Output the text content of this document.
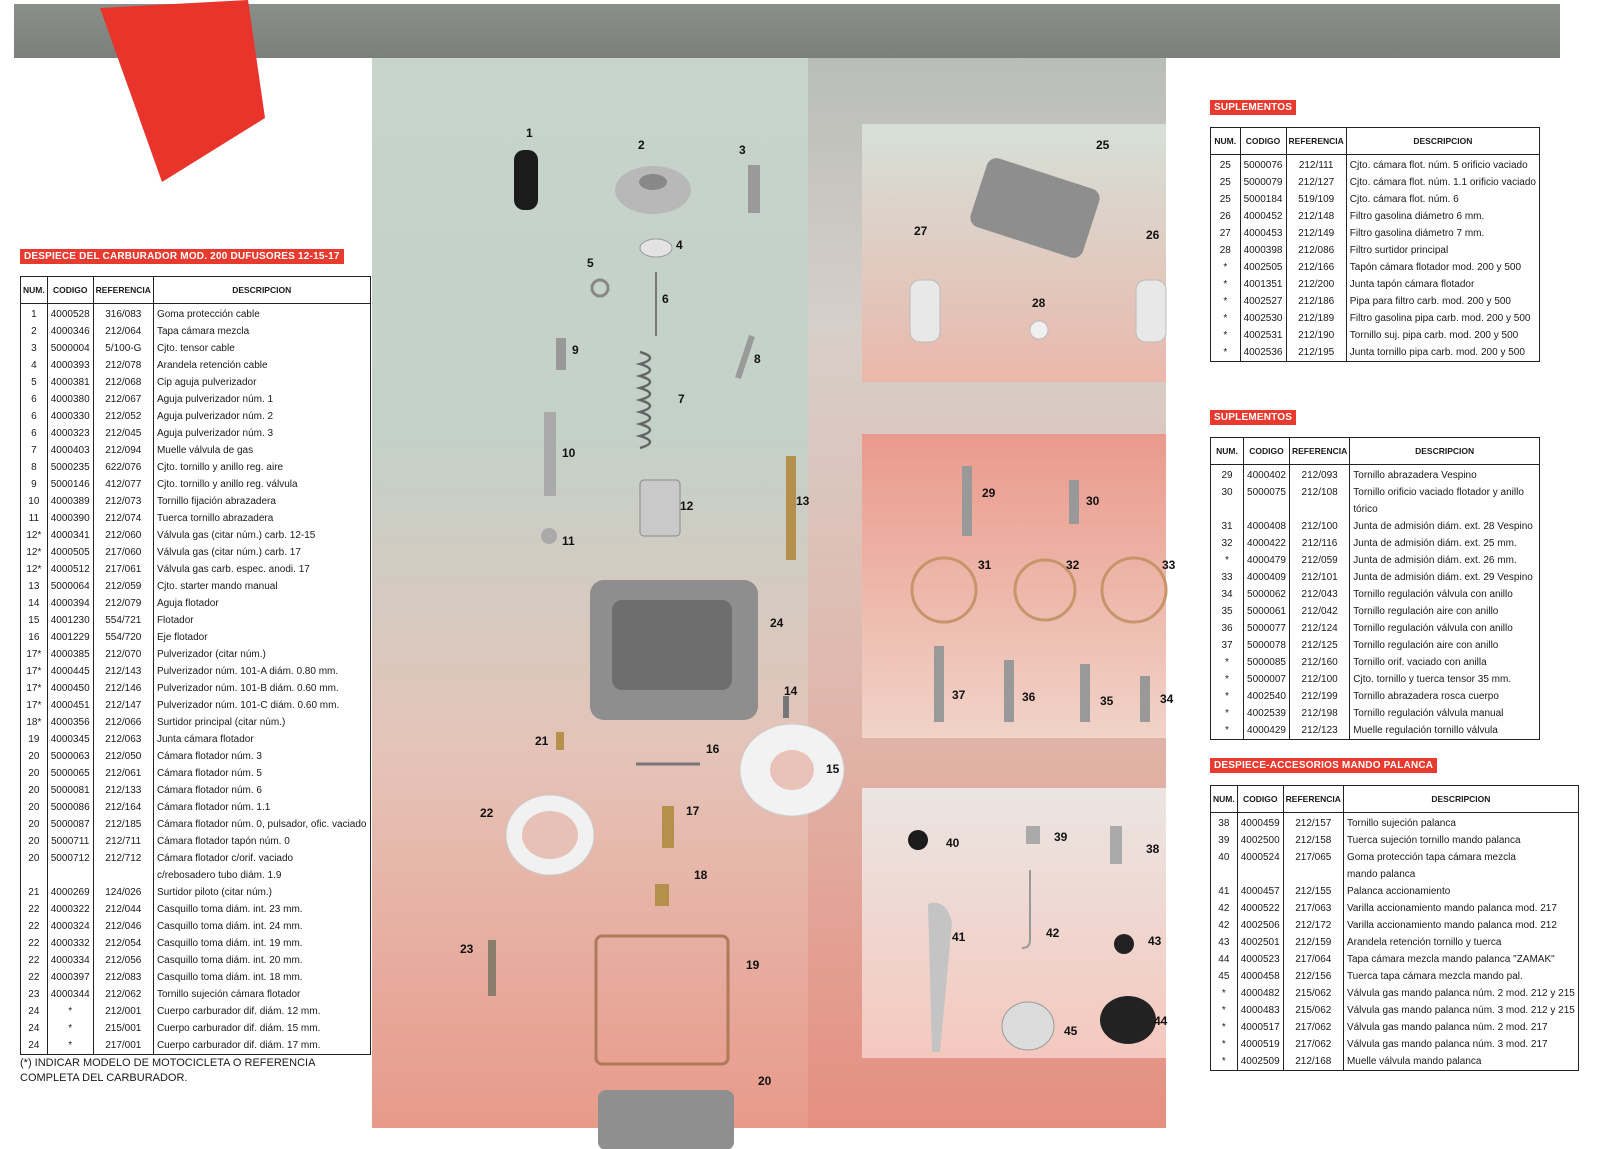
1
2	3
4
5
6
7
8
9
10
11
12	13
14
15
16
17
18
19
20
21
22
23
24
25
26
27
28
29
30
31	32	33
34
35
36
37
38
39
40
41	42
43
44
45
DESPIECE DEL CARBURADOR MOD. 200 DUFUSORES 12-15-17
NUM.	CODIGO	REFERENCIA	DESCRIPCION
1	4000528	316/083	Goma protección cable
2	4000346	212/064	Tapa cámara mezcla
3	5000004	5/100-G	Cjto. tensor cable
4	4000393	212/078	Arandela retención cable
5	4000381	212/068	Cip aguja pulverizador
6	4000380	212/067	Aguja pulverizador núm. 1
6	4000330	212/052	Aguja pulverizador núm. 2
6	4000323	212/045	Aguja pulverizador núm. 3
7	4000403	212/094	Muelle válvula de gas
8	5000235	622/076	Cjto. tornillo y anillo reg. aire
9	5000146	412/077	Cjto. tornillo y anillo reg. válvula
10	4000389	212/073	Tornillo fijación abrazadera
11	4000390	212/074	Tuerca tornillo abrazadera
12*	4000341	212/060	Válvula gas (citar núm.) carb. 12-15
12*	4000505	217/060	Válvula gas (citar núm.) carb. 17
12*	4000512	217/061	Válvula gas carb. espec. anodi. 17
13	5000064	212/059	Cjto. starter mando manual
14	4000394	212/079	Aguja flotador
15	4001230	554/721	Flotador
16	4001229	554/720	Eje flotador
17*	4000385	212/070	Pulverizador (citar núm.)
17*	4000445	212/143	Pulverizador núm. 101-A diám. 0.80 mm.
17*	4000450	212/146	Pulverizador núm. 101-B diám. 0.60 mm.
17*	4000451	212/147	Pulverizador núm. 101-C diám. 0.60 mm.
18*	4000356	212/066	Surtidor principal (citar núm.)
19	4000345	212/063	Junta cámara flotador
20	5000063	212/050	Cámara flotador núm. 3
20	5000065	212/061	Cámara flotador núm. 5
20	5000081	212/133	Cámara flotador núm. 6
20	5000086	212/164	Cámara flotador núm. 1.1
20	5000087	212/185	Cámara flotador núm. 0, pulsador, ofic. vaciado
20	5000711	212/711	Cámara flotador tapón núm. 0
20	5000712	212/712	Cámara flotador c/orif. vaciado
			c/rebosadero tubo diám. 1.9
21	4000269	124/026	Surtidor piloto (citar núm.)
22	4000322	212/044	Casquillo toma diám. int. 23 mm.
22	4000324	212/046	Casquillo toma diám. int. 24 mm.
22	4000332	212/054	Casquillo toma diám. int. 19 mm.
22	4000334	212/056	Casquillo toma diám. int. 20 mm.
22	4000397	212/083	Casquillo toma diám. int. 18 mm.
23	4000344	212/062	Tornillo sujeción cámara flotador
24	*	212/001	Cuerpo carburador dif. diám. 12 mm.
24	*	215/001	Cuerpo carburador dif. diám. 15 mm.
24	*	217/001	Cuerpo carburador dif. diám. 17 mm.
(*) INDICAR MODELO DE MOTOCICLETA O REFERENCIA COMPLETA DEL CARBURADOR.
SUPLEMENTOS
NUM.	CODIGO	REFERENCIA	DESCRIPCION
25	5000076	212/111	Cjto. cámara flot. núm. 5 orificio vaciado
25	5000079	212/127	Cjto. cámara flot. núm. 1.1 orificio vaciado
25	5000184	519/109	Cjto. cámara flot. núm. 6
26	4000452	212/148	Filtro gasolina diámetro 6 mm.
27	4000453	212/149	Filtro gasolina diámetro 7 mm.
28	4000398	212/086	Filtro surtidor principal
*	4002505	212/166	Tapón cámara flotador mod. 200 y 500
*	4001351	212/200	Junta tapón cámara flotador
*	4002527	212/186	Pipa para filtro carb. mod. 200 y 500
*	4002530	212/189	Filtro gasolina pipa carb. mod. 200 y 500
*	4002531	212/190	Tornillo suj. pipa carb. mod. 200 y 500
*	4002536	212/195	Junta tornillo pipa carb. mod. 200 y 500
SUPLEMENTOS
NUM.	CODIGO	REFERENCIA	DESCRIPCION
29	4000402	212/093	Tornillo abrazadera Vespino
30	5000075	212/108	Tornillo orificio vaciado flotador y anillo
			tórico
31	4000408	212/100	Junta de admisión diám. ext. 28 Vespino
32	4000422	212/116	Junta de admisión diám. ext. 25 mm.
*	4000479	212/059	Junta de admisión diám. ext. 26 mm.
33	4000409	212/101	Junta de admisión diám. ext. 29 Vespino
34	5000062	212/043	Tornillo regulación válvula con anillo
35	5000061	212/042	Tornillo regulación aire con anillo
36	5000077	212/124	Tornillo regulación válvula con anillo
37	5000078	212/125	Tornillo regulación aire con anillo
*	5000085	212/160	Tornillo orif. vaciado con anilla
*	5000007	212/100	Cjto. tornillo y tuerca tensor 35 mm.
*	4002540	212/199	Tornillo abrazadera rosca cuerpo
*	4002539	212/198	Tornillo regulación válvula manual
*	4000429	212/123	Muelle regulación tornillo válvula
DESPIECE-ACCESORIOS MANDO PALANCA
NUM.	CODIGO	REFERENCIA	DESCRIPCION
38	4000459	212/157	Tornillo sujeción palanca
39	4002500	212/158	Tuerca sujeción tornillo mando palanca
40	4000524	217/065	Goma protección tapa cámara mezcla
			mando palanca
41	4000457	212/155	Palanca accionamiento
42	4000522	217/063	Varilla accionamiento mando palanca mod. 217
42	4002506	212/172	Varilla accionamiento mando palanca mod. 212
43	4002501	212/159	Arandela retención tornillo y tuerca
44	4000523	217/064	Tapa cámara mezcla mando palanca "ZAMAK"
45	4000458	212/156	Tuerca tapa cámara mezcla mando pal.
*	4000482	215/062	Válvula gas mando palanca núm. 2 mod. 212 y 215
*	4000483	215/062	Válvula gas mando palanca núm. 3 mod. 212 y 215
*	4000517	217/062	Válvula gas mando palanca núm. 2 mod. 217
*	4000519	217/062	Válvula gas mando palanca núm. 3 mod. 217
*	4002509	212/168	Muelle válvula mando palanca
